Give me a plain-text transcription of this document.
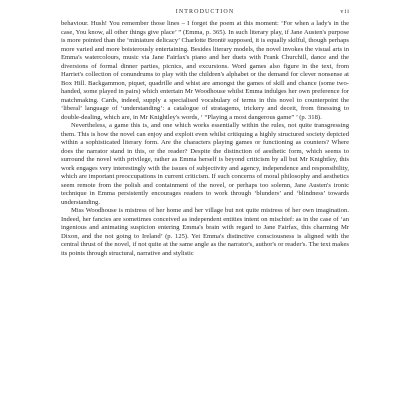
INTRODUCTION	vii

behaviour. Hush! You remember those lines – I forget the poem at this moment: ‘For when a lady's in the case, You know, all other things give place’ ” (Emma, p. 365). In such literary play, if Jane Austen's purpose is more pointed than the ‘miniature delicacy’ Charlotte Brontë supposed, it is equally skilful, though perhaps more varied and more boisterously entertaining. Besides literary models, the novel invokes the visual arts in Emma's watercolours, music via Jane Fairfax's piano and her duets with Frank Churchill, dance and the diversions of formal dinner parties, picnics, and excursions. Word games also figure in the text, from Harriet's collection of conundrums to play with the children's alphabet or the demand for clever nonsense at Box Hill. Backgammon, piquet, quadrille and whist are amongst the games of skill and chance (some two-handed, some played in pairs) which entertain Mr Woodhouse whilst Emma indulges her own preference for matchmaking. Cards, indeed, supply a specialised vocabulary of terms in this novel to counterpoint the ‘liberal’ language of ‘understanding’: a catalogue of stratagems, trickery and deceit, from finessing to double-dealing, which are, in Mr Knightley's words, ‘ “Playing a most dangerous game” ’ (p. 318).

Nevertheless, a game this is, and one which works essentially within the rules, not quite transgressing them. This is how the novel can enjoy and exploit even whilst critiquing a highly structured society depicted within a sophisticated literary form. Are the characters playing games or functioning as counters? Where does the narrator stand in this, or the reader? Despite the distinction of aesthetic form, which seems to surround the novel with privilege, rather as Emma herself is beyond criticism by all but Mr Knightley, this work engages very interestingly with the issues of subjectivity and agency, independence and responsibility, which are important preoccupations in current criticism. If such concerns of moral philosophy and aesthetics seem remote from the polish and containment of the novel, or perhaps too solemn, Jane Austen's ironic technique in Emma persistently encourages readers to work through ‘blunders’ and ‘blindness’ towards understanding.

Miss Woodhouse is mistress of her home and her village but not quite mistress of her own imagination. Indeed, her fancies are sometimes conceived as independent entities intent on mischief: as in the case of ‘an ingenious and animating suspicion entering Emma's brain with regard to Jane Fairfax, this charming Mr Dixon, and the not going to Ireland’ (p. 125). Yet Emma's distinctive consciousness is aligned with the central thrust of the novel, if not quite at the same angle as the narrator's, author's or reader's. The text makes its points through structural, narrative and stylistic
